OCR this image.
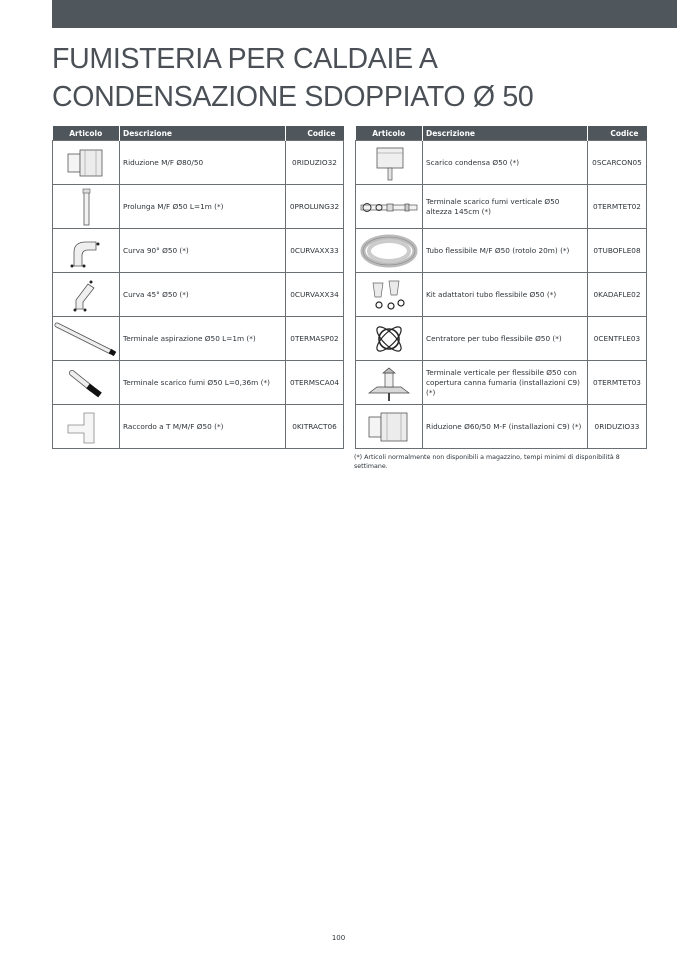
FUMISTERIA PER CALDAIE A
CONDENSAZIONE SDOPPIATO Ø 50
Articolo	Descrizione	Codice

	Riduzione M/F Ø80/50	0RIDUZIO32

	Prolunga M/F Ø50 L=1m (*)	0PROLUNG32

	Curva 90° Ø50 (*)	0CURVAXX33

	Curva 45° Ø50 (*)	0CURVAXX34

	Terminale aspirazione Ø50 L=1m (*)	0TERMASP02

	Terminale scarico fumi Ø50 L=0,36m (*)	0TERMSCA04

	Raccordo a T M/M/F Ø50 (*)	0KITRACT06
Articolo	Descrizione	Codice

	Scarico condensa Ø50 (*)	0SCARCON05

	Terminale scarico fumi verticale Ø50 altezza 145cm (*)	0TERMTET02

	Tubo flessibile M/F Ø50 (rotolo 20m) (*)	0TUBOFLE08

	Kit adattatori tubo flessibile Ø50 (*)	0KADAFLE02

	Centratore per tubo flessibile Ø50 (*)	0CENTFLE03

	Terminale verticale per flessibile Ø50 con copertura canna fumaria (installazioni C9) (*)	0TERMTET03

	Riduzione Ø60/50 M-F (installazioni C9) (*)	0RIDUZIO33

(*) Articoli normalmente non disponibili a magazzino, tempi minimi di disponibilità 8 settimane.

100
